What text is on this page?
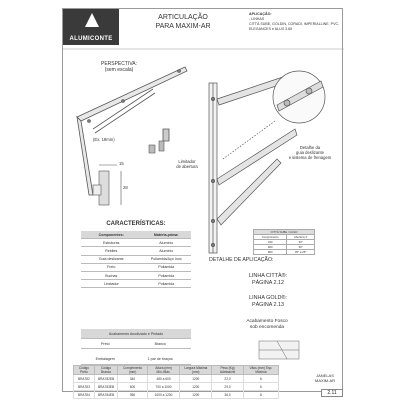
ALUMICONTE
ARTICULAÇÃO
PARA MAXIM-AR
APLICAÇÃO:
- LINHAS
CITTÀ SUBE, GOLDIN, CORADI, IMPERIALLINE, PVC, ELEGANCES e ALUX 3.65
PERSPECTIVA:
(sem escala)
15
28
(Ex. 19mm)
Limitador
de abertura
Detalhe da
guia deslizante
e sistema de frenagem
CARACTERÍSTICAS:
Componentes:	Matéria-prima:
Estruturas	Alumínio
Rebites	Alumínio
Guia deslizante	Poliamida/Aço Inox
Freio	Poliamida
Buchas	Poliamida
Limitador	Poliamida
Acabamento Anodizado e Pintado
Preto	Branco
Embalagem	1 par de braços
CITTÀ SUBE / GOLD	
Comprimento	Abertura X
340	30°
600	30°
800	35° a 25°
DETALHE DE APLICAÇÃO:
LINHA CITTÀ®:
PÁGINA 2.12
LINHA GOLD®:
PÁGINA 2.13
Acabamento Fosco
sob encomenda
Código Preto	Código Branco	Comprimento (mm)	Altura (mm) Mín./Máx.	Largura Máxima (mm)	Peso (Kg) Admissível	Vãos (mm) Esp. Máxima
BRA782	BRA782EB	340	480 a 600	1200	22,0	6
BRA783	BRA783EB	600	700 a 1000	1200	29,0	6
BRA784	BRA784EB	950	1000 a 1200	1200	36,0	8
JANELAS
MAXIM-AR
2.11
